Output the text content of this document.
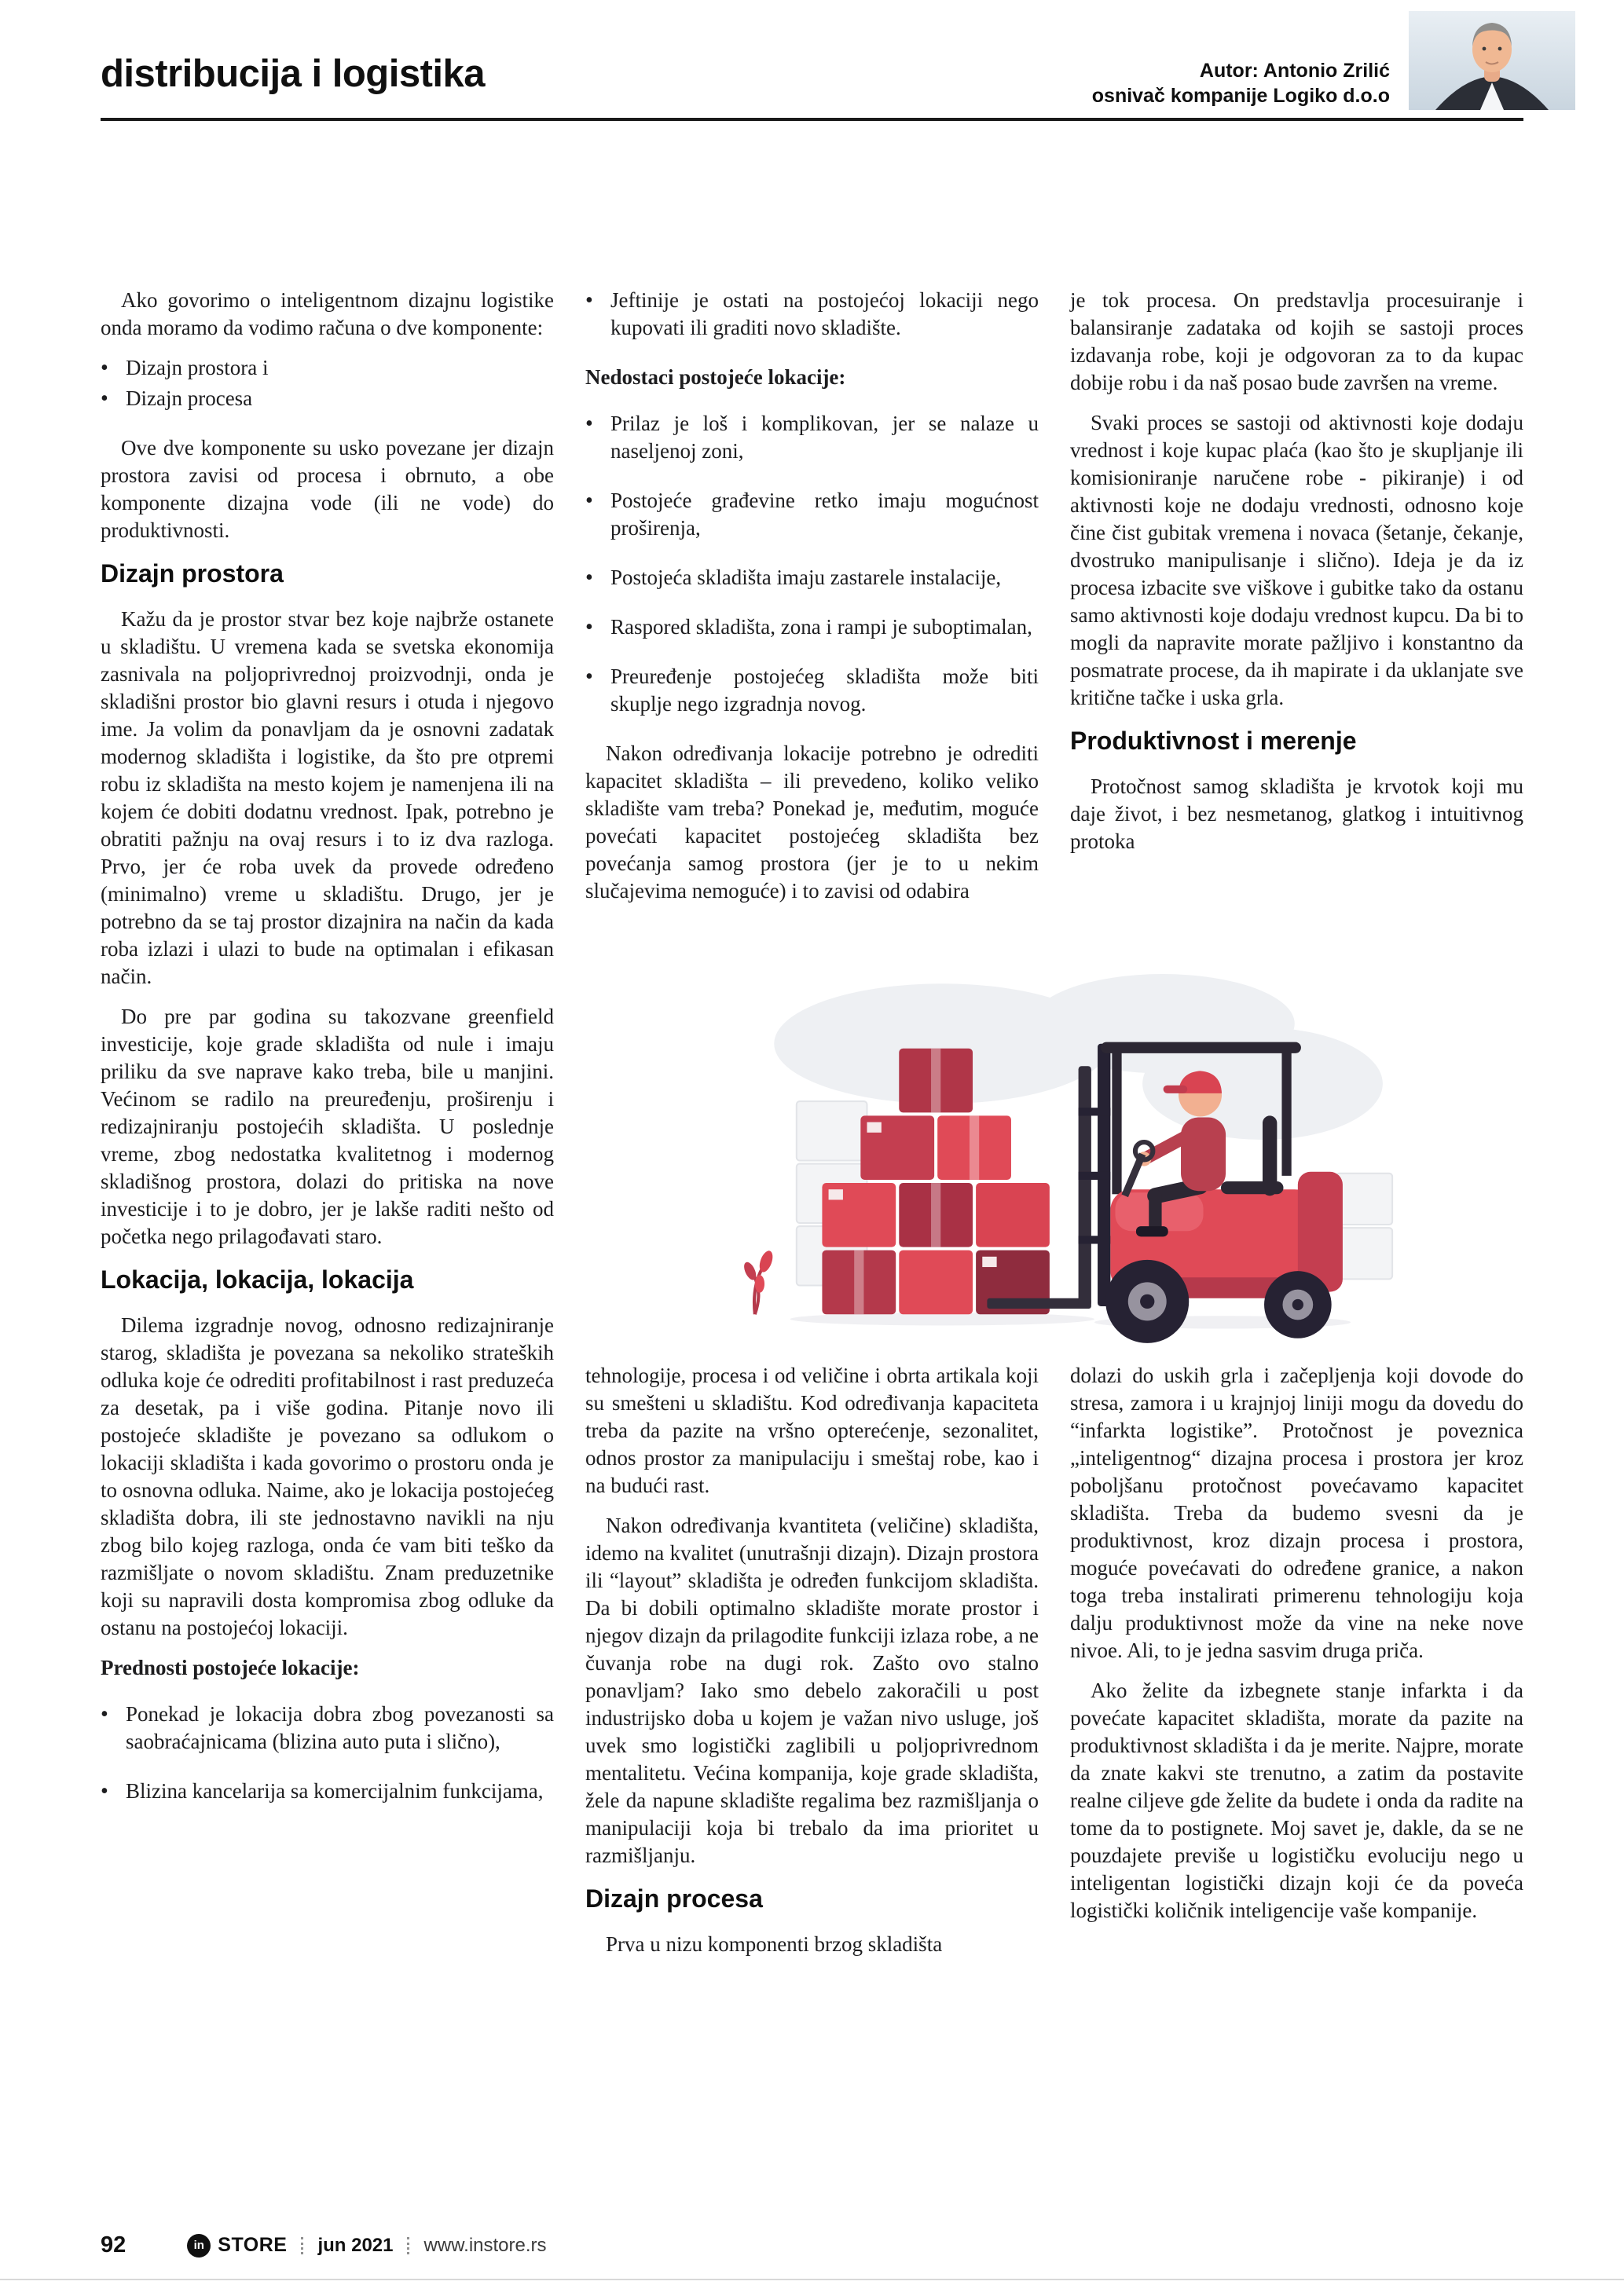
distribucija i logistika	Autor: Antonio Zrilić
osnivač kompanije Logiko d.o.o

Ako govorimo o inteligentnom dizajnu logistike onda moramo da vodimo računa o dve komponente:

• Dizajn prostora i
• Dizajn procesa

Ove dve komponente su usko povezane jer dizajn prostora zavisi od procesa i obrnuto, a obe komponente dizajna vode (ili ne vode) do produktivnosti.

Dizajn prostora

Kažu da je prostor stvar bez koje najbrže ostanete u skladištu. U vremena kada se svetska ekonomija zasnivala na poljoprivrednoj proizvodnji, onda je skladišni prostor bio glavni resurs i otuda i njegovo ime. Ja volim da ponavljam da je osnovni zadatak modernog skladišta i logistike, da što pre otpremi robu iz skladišta na mesto kojem je namenjena ili na kojem će dobiti dodatnu vrednost. Ipak, potrebno je obratiti pažnju na ovaj resurs i to iz dva razloga. Prvo, jer će roba uvek da provede određeno (minimalno) vreme u skladištu. Drugo, jer je potrebno da se taj prostor dizajnira na način da kada roba izlazi i ulazi to bude na optimalan i efikasan način.

Do pre par godina su takozvane greenfield investicije, koje grade skladišta od nule i imaju priliku da sve naprave kako treba, bile u manjini. Većinom se radilo na preuređenju, proširenju i redizajniranju postojećih skladišta. U poslednje vreme, zbog nedostatka kvalitetnog i modernog skladišnog prostora, dolazi do pritiska na nove investicije i to je dobro, jer je lakše raditi nešto od početka nego prilagođavati staro.

Lokacija, lokacija, lokacija

Dilema izgradnje novog, odnosno redizajniranje starog, skladišta je povezana sa nekoliko strateških odluka koje će odrediti profitabilnost i rast preduzeća za desetak, pa i više godina. Pitanje novo ili postojeće skladište je povezano sa odlukom o lokaciji skladišta i kada govorimo o prostoru onda je to osnovna odluka. Naime, ako je lokacija postojećeg skladišta dobra, ili ste jednostavno navikli na nju zbog bilo kojeg razloga, onda će vam biti teško da razmišljate o novom skladištu. Znam preduzetnike koji su napravili dosta kompromisa zbog odluke da ostanu na postojećoj lokaciji.

Prednosti postojeće lokacije:
• Ponekad je lokacija dobra zbog povezanosti sa saobraćajnicama (blizina auto puta i slično),
• Blizina kancelarija sa komercijalnim funkcijama,
• Jeftinije je ostati na postojećoj lokaciji nego kupovati ili graditi novo skladište.
Nedostaci postojeće lokacije:
• Prilaz je loš i komplikovan, jer se nalaze u naseljenoj zoni,
• Postojeće građevine retko imaju mogućnost proširenja,
• Postojeća skladišta imaju zastarele instalacije,
• Raspored skladišta, zona i rampi je suboptimalan,
• Preuređenje postojećeg skladišta može biti skuplje nego izgradnja novog.

Nakon određivanja lokacije potrebno je odrediti kapacitet skladišta – ili prevedeno, koliko veliko skladište vam treba? Ponekad je, međutim, moguće povećati kapacitet postojećeg skladišta bez povećanja samog prostora (jer je to u nekim slučajevima nemoguće) i to zavisi od odabira

je tok procesa. On predstavlja procesuiranje i balansiranje zadataka od kojih se sastoji proces izdavanja robe, koji je odgovoran za to da kupac dobije robu i da naš posao bude završen na vreme.

Svaki proces se sastoji od aktivnosti koje dodaju vrednost i koje kupac plaća (kao što je skupljanje ili komisioniranje naručene robe - pikiranje) i od aktivnosti koje ne dodaju vrednosti, odnosno koje čine čist gubitak vremena i novaca (šetanje, čekanje, dvostruko manipulisanje i slično). Ideja je da iz procesa izbacite sve viškove i gubitke tako da ostanu samo aktivnosti koje dodaju vrednost kupcu. Da bi to mogli da napravite morate pažljivo i konstantno da posmatrate procese, da ih mapirate i da uklanjate sve kritične tačke i uska grla.

Produktivnost i merenje

Protočnost samog skladišta je krvotok koji mu daje život, i bez nesmetanog, glatkog i intuitivnog protoka

tehnologije, procesa i od veličine i obrta artikala koji su smešteni u skladištu. Kod određivanja kapaciteta treba da pazite na vršno opterećenje, sezonalitet, odnos prostor za manipulaciju i smeštaj robe, kao i na budući rast.

Nakon određivanja kvantiteta (veličine) skladišta, idemo na kvalitet (unutrašnji dizajn). Dizajn prostora ili “layout” skladišta je određen funkcijom skladišta. Da bi dobili optimalno skladište morate prostor i njegov dizajn da prilagodite funkciji izlaza robe, a ne čuvanja robe na dugi rok. Zašto ovo stalno ponavljam? Iako smo debelo zakoračili u post industrijsko doba u kojem je važan nivo usluge, još uvek smo logistički zaglibili u poljoprivrednom mentalitetu. Većina kompanija, koje grade skladišta, žele da napune skladište regalima bez razmišljanja o manipulaciji koja bi trebalo da ima prioritet u razmišljanju.

Dizajn procesa

Prva u nizu komponenti brzog skladišta

dolazi do uskih grla i začepljenja koji dovode do stresa, zamora i u krajnjoj liniji mogu da dovedu do “infarkta logistike”. Protočnost je poveznica „inteligentnog“ dizajna procesa i prostora jer kroz poboljšanu protočnost povećavamo kapacitet skladišta. Treba da budemo svesni da je produktivnost, kroz dizajn procesa i prostora, moguće povećavati do određene granice, a nakon toga treba instalirati primerenu tehnologiju koja dalju produktivnost može da vine na neke nove nivoe. Ali, to je jedna sasvim druga priča.

Ako želite da izbegnete stanje infarkta i da povećate kapacitet skladišta, morate da pazite na produktivnost skladišta i da je merite. Najpre, morate da znate kakvi ste trenutno, a zatim da postavite realne ciljeve gde želite da budete i onda da radite na tome da to postignete. Moj savet je, dakle, da se ne pouzdajete previše u logističku evoluciju nego u inteligentan logistički dizajn koji će da poveća logistički količnik inteligencije vaše kompanije.

92	in STORE jun 2021 www.instore.rs
